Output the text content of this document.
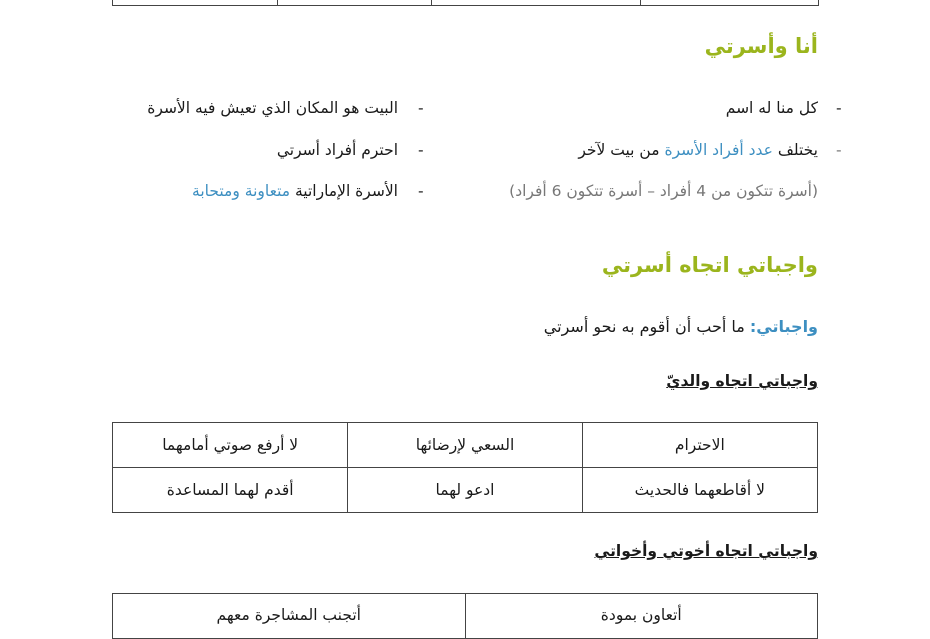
أنا وأسرتي
-
كل منا له اسم
-
يختلف عدد أفراد الأسرة من بيت لآخر
(أسرة تتكون من 4 أفراد – أسرة تتكون 6 أفراد)
-
البيت هو المكان الذي تعيش فيه الأسرة
-
احترم أفراد أسرتي
-
الأسرة الإماراتية متعاونة ومتحابة
واجباتي اتجاه أسرتي
واجباتي: ما أحب أن أقوم به نحو أسرتي
واجباتي اتجاه والديّ
الاحترام	السعي لإرضائها	لا أرفع صوتي أمامهما
لا أقاطعهما فالحديث	ادعو لهما	أقدم لهما المساعدة
واجباتي اتجاه أخوتي وأخواتي
أتعاون بمودة	أتجنب المشاجرة معهم
